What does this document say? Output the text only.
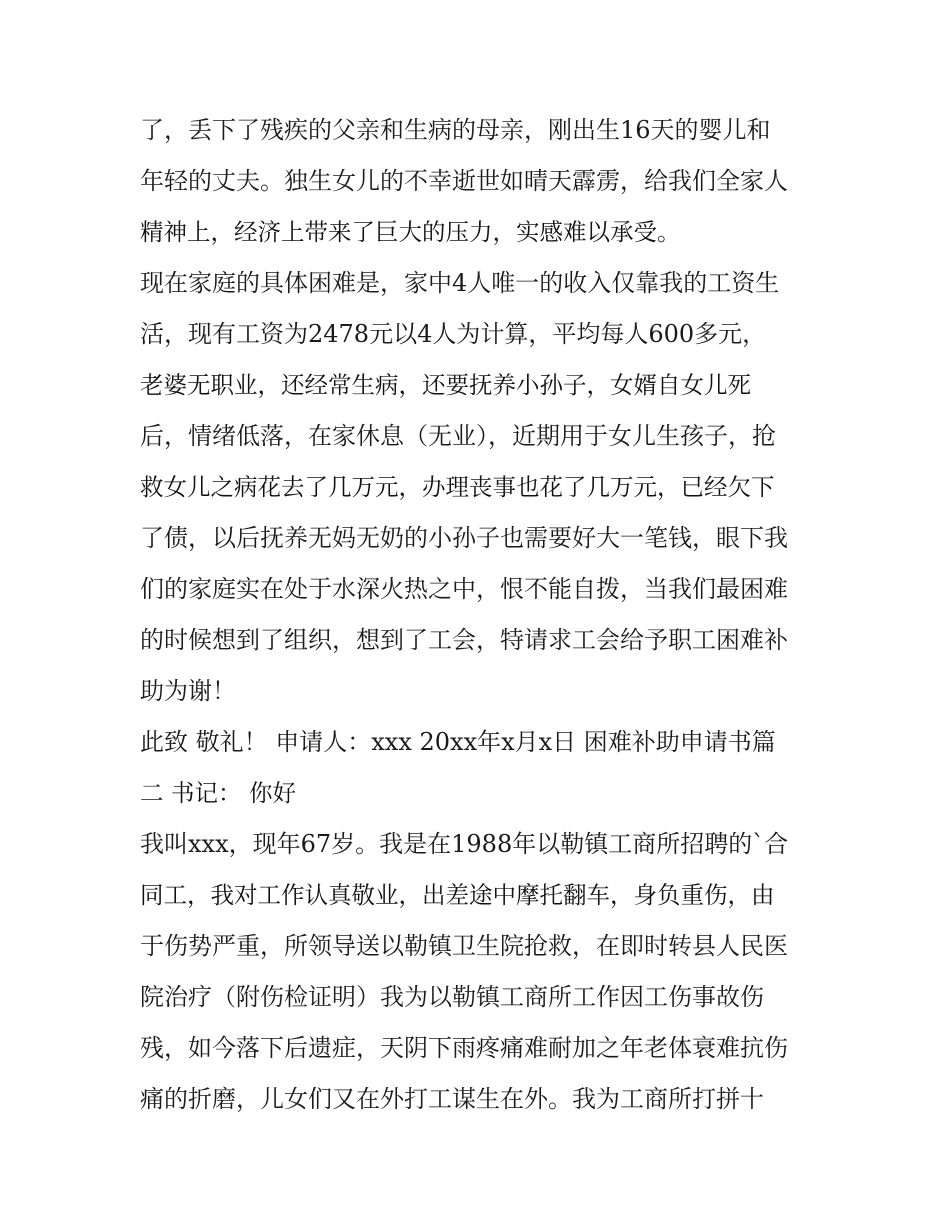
了，丢下了残疾的父亲和生病的母亲，刚出生16天的婴儿和
年轻的丈夫。独生女儿的不幸逝世如晴天霹雳，给我们全家人
精神上，经济上带来了巨大的压力，实感难以承受。
现在家庭的具体困难是，家中4人唯一的收入仅靠我的工资生
活，现有工资为2478元以4人为计算，平均每人600多元，
老婆无职业，还经常生病，还要抚养小孙子，女婿自女儿死
后，情绪低落，在家休息（无业），近期用于女儿生孩子，抢
救女儿之病花去了几万元，办理丧事也花了几万元，已经欠下
了债，以后抚养无妈无奶的小孙子也需要好大一笔钱，眼下我
们的家庭实在处于水深火热之中，恨不能自拨，当我们最困难
的时候想到了组织，想到了工会，特请求工会给予职工困难补
助为谢！
此致 敬礼！ 申请人：xxx 20xx年x月x日 困难补助申请书篇
二 书记： 你好
我叫xxx，现年67岁。我是在1988年以勒镇工商所招聘的`合
同工，我对工作认真敬业，出差途中摩托翻车，身负重伤，由
于伤势严重，所领导送以勒镇卫生院抢救，在即时转县人民医
院治疗（附伤检证明）我为以勒镇工商所工作因工伤事故伤
残，如今落下后遗症，天阴下雨疼痛难耐加之年老体衰难抗伤
痛的折磨，儿女们又在外打工谋生在外。我为工商所打拼十
